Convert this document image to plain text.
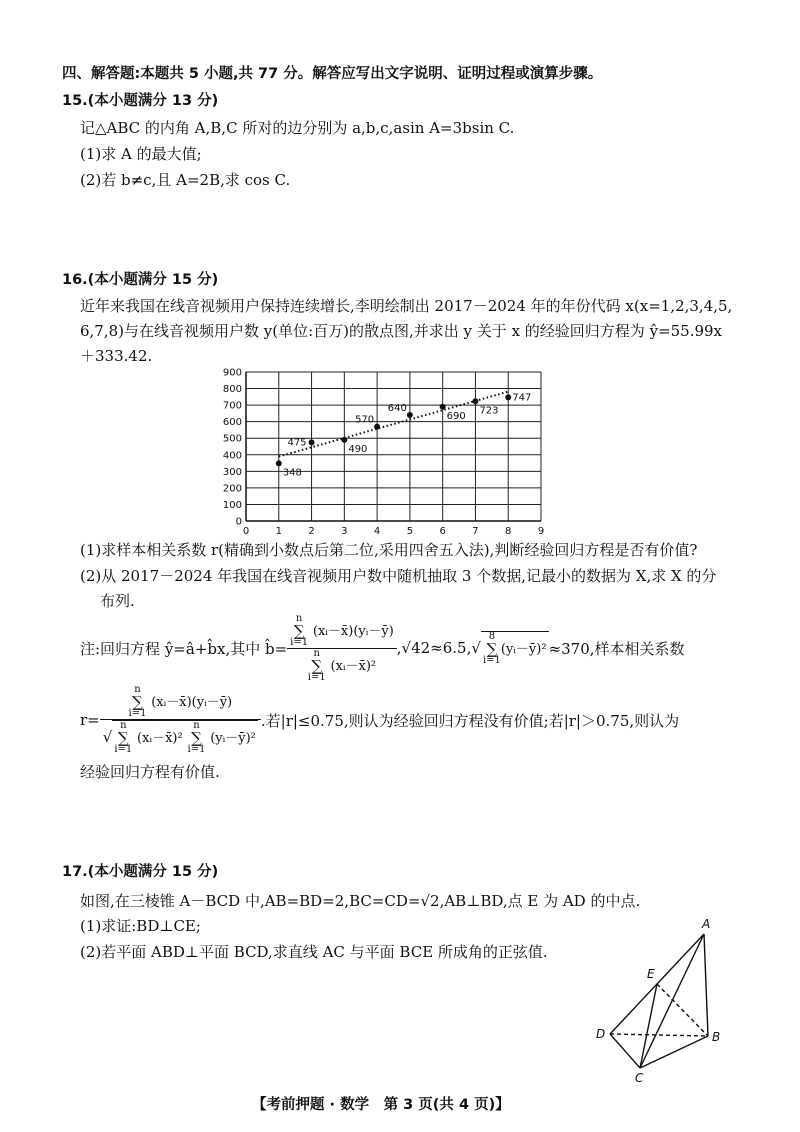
四、解答题:本题共 5 小题,共 77 分。解答应写出文字说明、证明过程或演算步骤。
15.(本小题满分 13 分)
记△ABC 的内角 A,B,C 所对的边分别为 a,b,c,asin A=3bsin C.
(1)求 A 的最大值;
(2)若 b≠c,且 A=2B,求 cos C.
16.(本小题满分 15 分)
近年来我国在线音视频用户保持连续增长,李明绘制出 2017－2024 年的年份代码 x(x=1,2,3,4,5,
6,7,8)与在线音视频用户数 y(单位:百万)的散点图,并求出 y 关于 x 的经验回归方程为 ŷ=55.99x
＋333.42.
348
475
490
570
640
690 723
747
0	1	2	3	4	5	6	7	8	9
0
100
200
300
400
500
600
700
800
900
(1)求样本相关系数 r(精确到小数点后第二位,采用四舍五入法),判断经验回归方程是否有价值?
(2)从 2017－2024 年我国在线音视频用户数中随机抽取 3 个数据,记最小的数据为 X,求 X 的分
布列.
注:回归方程 ŷ=â+b̂x,其中 b̂= n
∑
i=1 (xᵢ－x̄)(yᵢ－ȳ)
n
∑
i=1 (xᵢ－x̄)² ,√42≈6.5, √8
∑
i=1(yᵢ－ȳ)² ≈370,样本相关系数
r= n
∑
i=1 (xᵢ－x̄)(yᵢ－ȳ)
√n
∑
i=1 (xᵢ－x̄)² n
∑
i=1 (yᵢ－ȳ)² .若|r|≤0.75,则认为经验回归方程没有价值;若|r|＞0.75,则认为
经验回归方程有价值.
17.(本小题满分 15 分)
如图,在三棱锥 A－BCD 中,AB=BD=2,BC=CD=√2,AB⊥BD,点 E 为 AD 的中点.
(1)求证:BD⊥CE;
(2)若平面 ABD⊥平面 BCD,求直线 AC 与平面 BCE 所成角的正弦值.
A
E
D	B
C
【考前押题 · 数学　第 3 页(共 4 页)】
